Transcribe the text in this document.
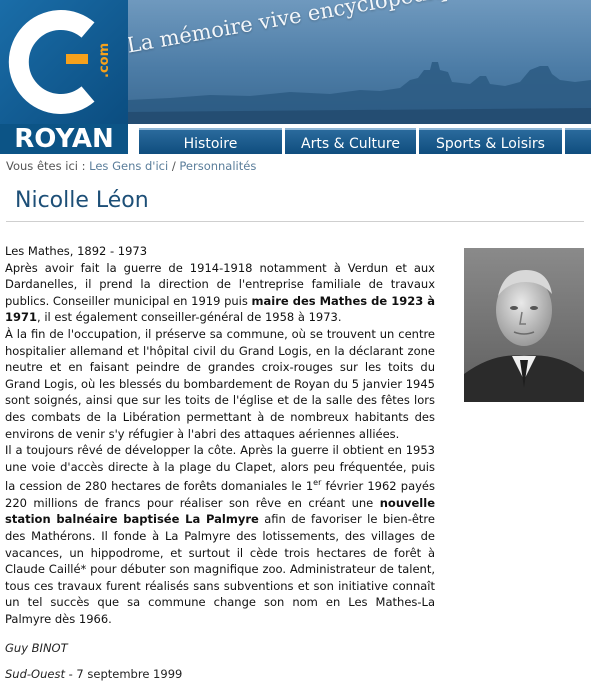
.com
ROYAN	Histoire	Arts & Culture	Sports & Loisirs
Vous êtes ici : Les Gens d'ici / Personnalités
Nicolle Léon

Les Mathes, 1892 - 1973

Après avoir fait la guerre de 1914-1918 notamment à Verdun et aux Dardanelles, il prend la direction de l'entreprise familiale de travaux publics. Conseiller municipal en 1919 puis maire des Mathes de 1923 à 1971, il est également conseiller-général de 1958 à 1973.

À la fin de l'occupation, il préserve sa commune, où se trouvent un centre hospitalier allemand et l'hôpital civil du Grand Logis, en la déclarant zone neutre et en faisant peindre de grandes croix-rouges sur les toits du Grand Logis, où les blessés du bombardement de Royan du 5 janvier 1945 sont soignés, ainsi que sur les toits de l'église et de la salle des fêtes lors des combats de la Libération permettant à de nombreux habitants des environs de venir s'y réfugier à l'abri des attaques aériennes alliées.

Il a toujours rêvé de développer la côte. Après la guerre il obtient en 1953 une voie d'accès directe à la plage du Clapet, alors peu fréquentée, puis la cession de 280 hectares de forêts domaniales le 1er février 1962 payés 220 millions de francs pour réaliser son rêve en créant une nouvelle station balnéaire baptisée La Palmyre afin de favoriser le bien-être des Mathérons. Il fonde à La Palmyre des lotissements, des villages de vacances, un hippodrome, et surtout il cède trois hectares de forêt à Claude Caillé* pour débuter son magnifique zoo. Administrateur de talent, tous ces travaux furent réalisés sans subventions et son initiative connaît un tel succès que sa commune change son nom en Les Mathes-La Palmyre dès 1966.

Guy BINOT
Sud-Ouest - 7 septembre 1999
